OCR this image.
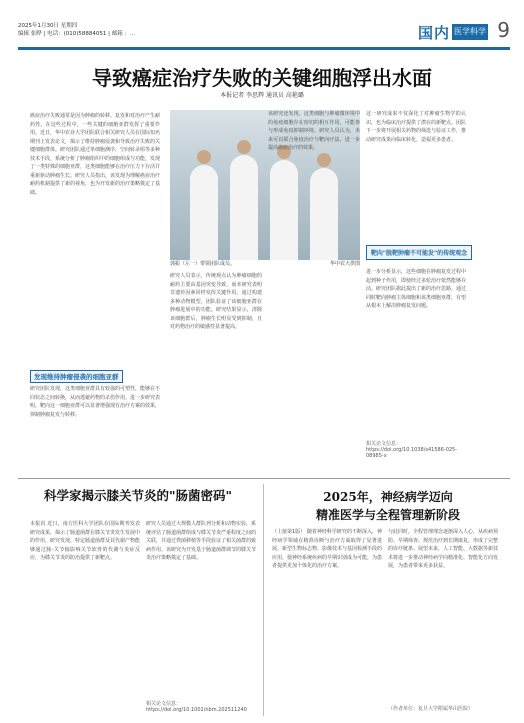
2025年1月30日 星期四
编辑 张晔 | 电话：(010)58884051 | 邮箱 ：...	国内 医学科学 9
导致癌症治疗失败的关键细胞浮出水面
本报记者 李思辉 通讯员 高艳璐
癌症治疗失败通常是因为肿瘤的转移、复发和对治疗产生耐药性。在这些过程中，一些关键的细胞亚群发挥了重要作用。近日，华中农业大学团队联合相关研究人员在国际知名期刊上发表论文，揭示了维持肿瘤侵袭和导致治疗失败的关键细胞群体。研究团队通过单细胞测序、空间转录组等多种技术手段，系统分析了肿瘤组织中的细胞组成与功能，发现了一类特殊的细胞亚群，这类细胞能够在治疗压力下存活并重新驱动肿瘤生长。研究人员指出，该发现为理解癌症治疗耐药机制提供了新的视角，也为开发新的治疗策略奠定了基础。
发现维持肿瘤侵袭的细胞亚群
研究团队发现，这类细胞亚群具有较强的可塑性，能够在不同状态之间转换，从而逃避药物的杀伤作用。进一步研究表明，靶向这一细胞亚群可以显著增强现有治疗方案的效果，抑制肿瘤复发与转移。
郭振（左一）带领团队成员。	华中农大供图
研究人员表示，传统观点认为肿瘤细胞的耐药主要由基因突变导致，而本研究表明非遗传因素同样发挥关键作用。通过构建多种动物模型，团队验证了该细胞亚群在肿瘤进展中的功能。研究结果显示，清除该细胞群后，肿瘤生长明显受到抑制，且对药物治疗的敏感性显著提高。
该研究还发现，这类细胞与肿瘤微环境中的免疫细胞存在密切的相互作用，可能参与形成免疫抑制环境。研究人员认为，未来可以联合免疫治疗与靶向疗法，进一步提高癌症治疗的效果。
靶向"脱靶肿瘤不可能发"的传统观念
进一步分析显示，这些细胞在肿瘤复发过程中起到种子作用，即使经过多轮治疗依然能够存活。研究团队据此提出了新的治疗思路，通过同时靶向肿瘤主体细胞和该类细胞亚群，有望从根本上解决肿瘤复发问题。
这一研究成果不仅深化了对肿瘤生物学的认识，也为临床治疗提供了潜在的新靶点。团队下一步将开展相关药物的筛选与验证工作，推动研究成果向临床转化，造福更多患者。
相关论文信息：https://doi.org/10.1038/s41586-025-08985-x
科学家揭示膝关节炎的"肠菌密码"
本报讯 近日，南方医科大学团队在国际期刊发表研究成果，揭示了肠道菌群在膝关节炎发生发展中的作用。研究发现，特定肠道菌群及其代谢产物能够通过肠-关节轴影响关节软骨的代谢与炎症反应，为膝关节炎的防治提供了新靶点。
研究人员通过大规模人群队列分析和动物实验，系统评估了肠道菌群组成与膝关节炎严重程度之间的关联，并通过粪菌移植等手段验证了相关菌群的致病作用。该研究为开发基于肠道菌群调节的膝关节炎治疗策略奠定了基础。
相关论文信息：https://doi.org/10.1002/nbm.202511240
2025年，神经病学迈向
精准医学与全程管理新阶段
（上接第1版） 随着神经科学研究的不断深入，神经病学领域在精准诊断与治疗方面取得了显著进展。新型生物标志物、影像技术与基因检测手段的应用，使神经系统疾病的早期识别成为可能，为患者提供更加个体化的治疗方案。
与此同时，全程管理理念逐渐深入人心，从疾病预防、早期筛查、规范治疗到长期康复，形成了完整的诊疗链条。展望未来，人工智能、大数据等新技术将进一步推动神经病学向精准化、智能化方向发展，为患者带来更多获益。
（作者单位：复旦大学附属华山医院）
